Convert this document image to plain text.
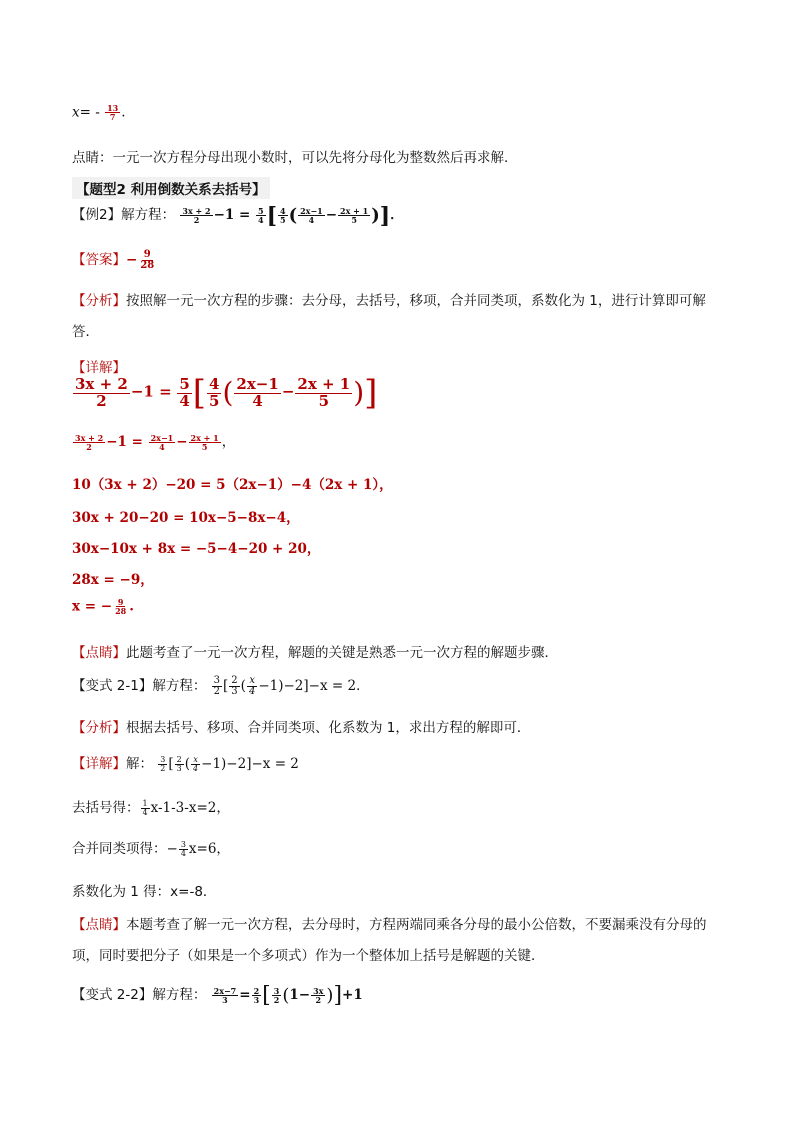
$x= - \frac{13}{7}$ .
点睛：一元一次方程分母出现小数时，可以先将分母化为整数然后再求解．
【题型2 利用倒数关系去括号】
【例2】解方程： $\frac{3x + 2}{2} -1 = \frac{5}{4}$ [ $\frac{4}{5}$ ( $\frac{2x-1}{4} - \frac{2x + 1}{5}$ )]．
【答案】− $\frac{9}{28}$
【分析】按照解一元一次方程的步骤：去分母，去括号，移项，合并同类项，系数化为 1，进行计算即可解答．
【详解】
$\frac{3x + 2}{2} -1 = \frac{5}{4}$ [ $\frac{4}{5}$ ( $\frac{2x-1}{4} - \frac{2x + 1}{5}$ )]
$\frac{3x + 2}{2} -1 = \frac{2x-1}{4} - \frac{2x + 1}{5}$ ，
10（3x + 2）−20 = 5（2x−1）−4（2x + 1），
30x + 20−20 = 10x−5−8x−4，
30x−10x + 8x = −5−4−20 + 20，
28x = −9，
x = − $\frac{9}{28}$ .
【点睛】此题考查了一元一次方程，解题的关键是熟悉一元一次方程的解题步骤．
【变式 2-1】解方程： $\frac{3}{2}$ [ $\frac{2}{3}$ ( $\frac{x}{4} -1)-2]-x = 2$．
【分析】根据去括号、移项、合并同类项、化系数为 1，求出方程的解即可．
【详解】解： $\frac{3}{2}$ [ $\frac{2}{3}$ ( $\frac{x}{4} -1)-2]-x = 2$
去括号得： $\frac{1}{4} x-1-3-x=2$，
合并同类项得：− $\frac{3}{4} x=6$，
系数化为 1 得：x=-8．
【点睛】本题考查了解一元一次方程，去分母时，方程两端同乘各分母的最小公倍数，不要漏乘没有分母的项，同时要把分子（如果是一个多项式）作为一个整体加上括号是解题的关键．
【变式 2-2】解方程： $\frac{2x-7}{3} = \frac{2}{3}$ [ $\frac{3}{2} (1- \frac{3x}{2} )]+1$
